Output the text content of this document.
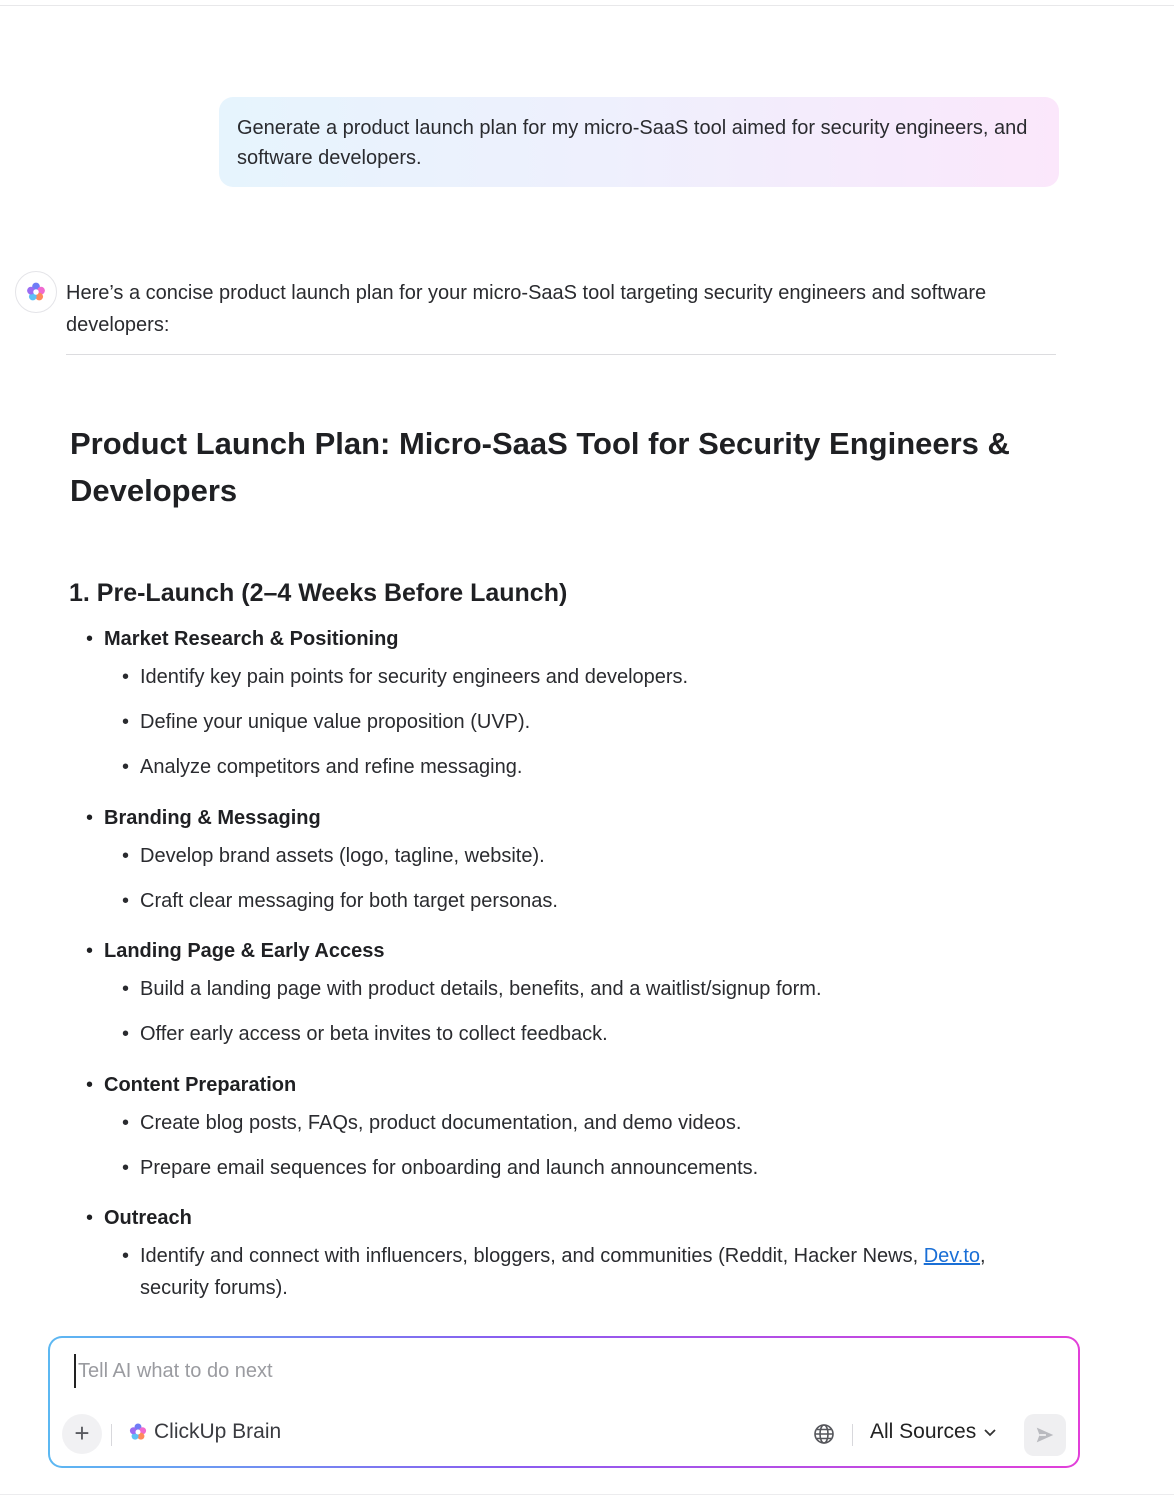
Generate a product launch plan for my micro-SaaS tool aimed for security engineers, and software developers.
Here’s a concise product launch plan for your micro-SaaS tool targeting security engineers and software developers:
Product Launch Plan: Micro-SaaS Tool for Security Engineers & Developers
1. Pre-Launch (2–4 Weeks Before Launch)
• Market Research & Positioning
• Identify key pain points for security engineers and developers.
• Define your unique value proposition (UVP).
• Analyze competitors and refine messaging.
• Branding & Messaging
• Develop brand assets (logo, tagline, website).
• Craft clear messaging for both target personas.
• Landing Page & Early Access
• Build a landing page with product details, benefits, and a waitlist/signup form.
• Offer early access or beta invites to collect feedback.
• Content Preparation
• Create blog posts, FAQs, product documentation, and demo videos.
• Prepare email sequences for onboarding and launch announcements.
• Outreach
• Identify and connect with influencers, bloggers, and communities (Reddit, Hacker News, Dev.to, security forums).
Tell AI what to do next
+	ClickUp Brain	All Sources
